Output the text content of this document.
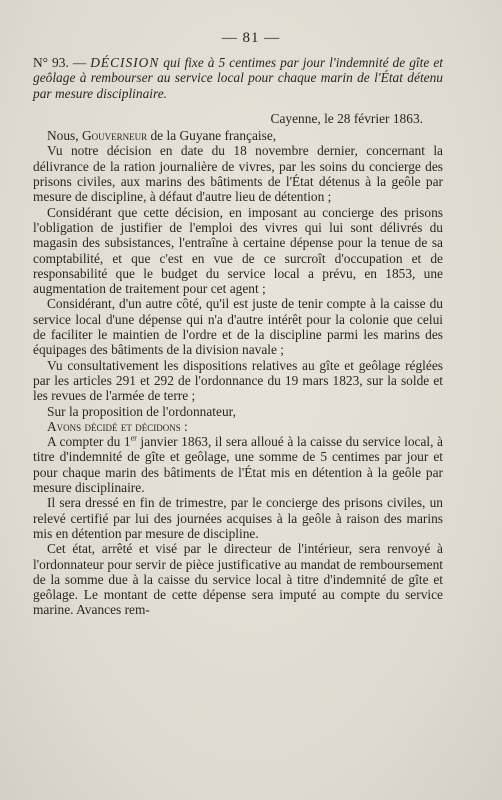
— 81 —

N° 93. — DÉCISION qui fixe à 5 centimes par jour l'indemnité de gîte et geôlage à rembourser au service local pour chaque marin de l'État détenu par mesure disciplinaire.

Cayenne, le 28 février 1863.

Nous, Gouverneur de la Guyane française,

Vu notre décision en date du 18 novembre dernier, concernant la délivrance de la ration journalière de vivres, par les soins du concierge des prisons civiles, aux marins des bâtiments de l'État détenus à la geôle par mesure de discipline, à défaut d'autre lieu de détention ;

Considérant que cette décision, en imposant au concierge des prisons l'obligation de justifier de l'emploi des vivres qui lui sont délivrés du magasin des subsistances, l'entraîne à certaine dépense pour la tenue de sa comptabilité, et que c'est en vue de ce surcroît d'occupation et de responsabilité que le budget du service local a prévu, en 1853, une augmentation de traitement pour cet agent ;

Considérant, d'un autre côté, qu'il est juste de tenir compte à la caisse du service local d'une dépense qui n'a d'autre intérêt pour la colonie que celui de faciliter le maintien de l'ordre et de la discipline parmi les marins des équipages des bâtiments de la division navale ;

Vu consultativement les dispositions relatives au gîte et geôlage réglées par les articles 291 et 292 de l'ordonnance du 19 mars 1823, sur la solde et les revues de l'armée de terre ;

Sur la proposition de l'ordonnateur,

Avons décidé et décidons :

A compter du 1er janvier 1863, il sera alloué à la caisse du service local, à titre d'indemnité de gîte et geôlage, une somme de 5 centimes par jour et pour chaque marin des bâtiments de l'État mis en détention à la geôle par mesure disciplinaire.

Il sera dressé en fin de trimestre, par le concierge des prisons civiles, un relevé certifié par lui des journées acquises à la geôle à raison des marins mis en détention par mesure de discipline.

Cet état, arrêté et visé par le directeur de l'intérieur, sera renvoyé à l'ordonnateur pour servir de pièce justificative au mandat de remboursement de la somme due à la caisse du service local à titre d'indemnité de gîte et geôlage. Le montant de cette dépense sera imputé au compte du service marine. Avances rem-
